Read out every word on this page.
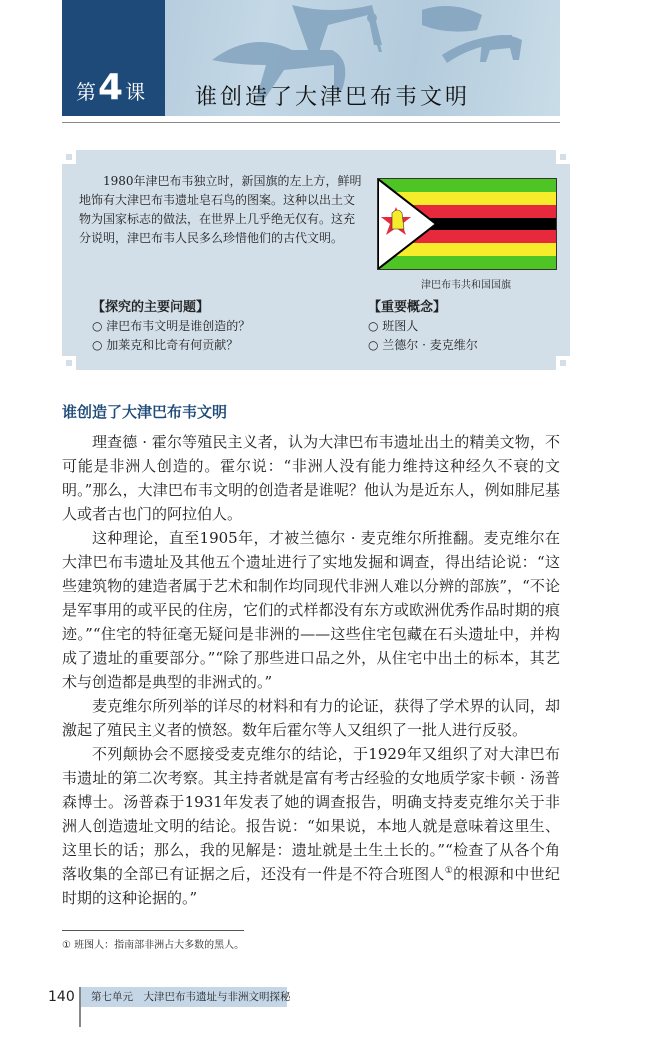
第4 课 谁创造了大津巴布韦文明
1980年津巴布韦独立时，新国旗的左上方，鲜明地饰有大津巴布韦遗址皂石鸟的图案。这种以出土文物为国家标志的做法，在世界上几乎绝无仅有。这充分说明，津巴布韦人民多么珍惜他们的古代文明。
津巴布韦共和国国旗
【探究的主要问题】
○ 津巴布韦文明是谁创造的？
○ 加莱克和比奇有何贡献？
【重要概念】
○ 班图人
○ 兰德尔 · 麦克维尔
谁创造了大津巴布韦文明

理查德 · 霍尔等殖民主义者，认为大津巴布韦遗址出土的精美文物，不可能是非洲人创造的。霍尔说：“非洲人没有能力维持这种经久不衰的文明。”那么，大津巴布韦文明的创造者是谁呢？他认为是近东人，例如腓尼基人或者古也门的阿拉伯人。

这种理论，直至1905年，才被兰德尔 · 麦克维尔所推翻。麦克维尔在大津巴布韦遗址及其他五个遗址进行了实地发掘和调查，得出结论说：“这些建筑物的建造者属于艺术和制作均同现代非洲人难以分辨的部族”，“不论是军事用的或平民的住房，它们的式样都没有东方或欧洲优秀作品时期的痕迹。”“住宅的特征毫无疑问是非洲的——这些住宅包藏在石头遗址中，并构成了遗址的重要部分。”“除了那些进口品之外，从住宅中出土的标本，其艺术与创造都是典型的非洲式的。”

麦克维尔所列举的详尽的材料和有力的论证，获得了学术界的认同，却激起了殖民主义者的愤怒。数年后霍尔等人又组织了一批人进行反驳。

不列颠协会不愿接受麦克维尔的结论，于1929年又组织了对大津巴布韦遗址的第二次考察。其主持者就是富有考古经验的女地质学家卡顿 · 汤普森博士。汤普森于1931年发表了她的调查报告，明确支持麦克维尔关于非洲人创造遗址文明的结论。报告说：“如果说，本地人就是意味着这里生、这里长的话；那么，我的见解是：遗址就是土生土长的。”“检查了从各个角落收集的全部已有证据之后，还没有一件是不符合班图人①的根源和中世纪时期的这种论据的。”

① 班图人：指南部非洲占大多数的黑人。
140	第七单元　大津巴布韦遗址与非洲文明探秘
